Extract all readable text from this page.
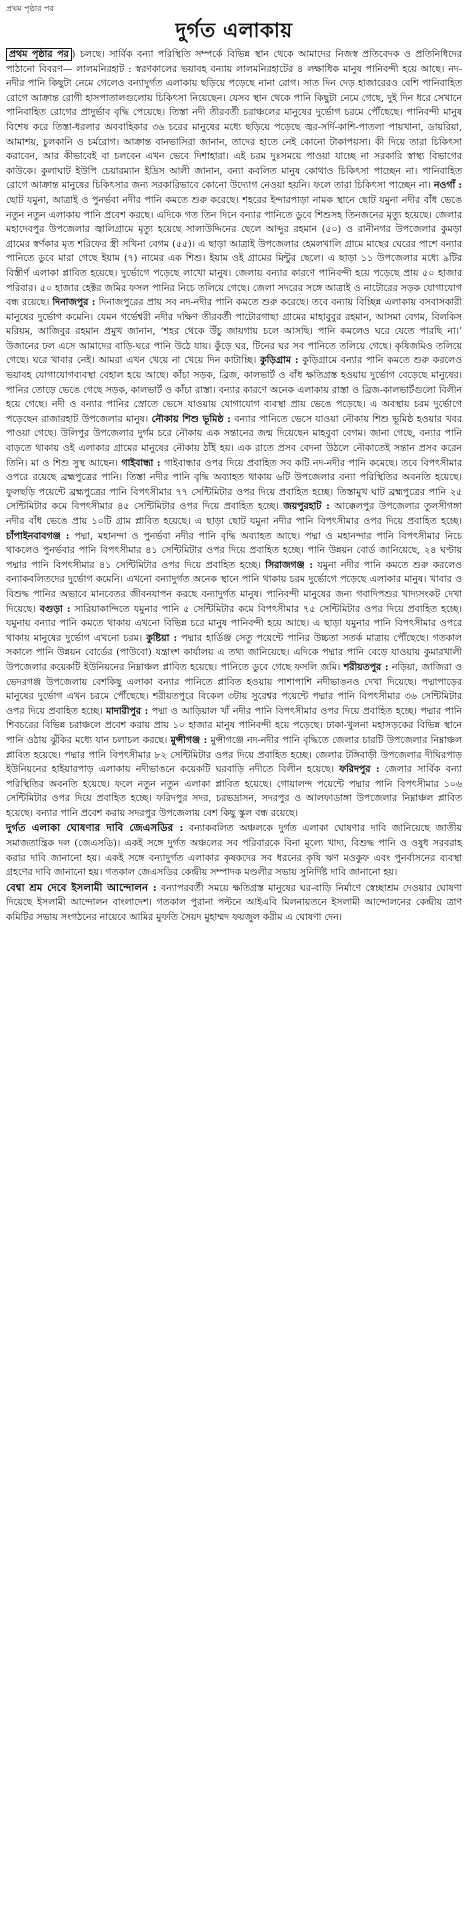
প্রথম পৃষ্ঠার পর
দুর্গত এলাকায়

প্রথম পৃষ্ঠার পর ) চলছে। সার্বিক বন্যা পরিস্থিতি সম্পর্কে বিভিন্ন স্থান থেকে আমাদের নিজস্ব প্রতিবেদক ও প্রতিনিধিদের পাঠানো বিবরণ— লালমনিরহাট : স্বরণকালের ভয়াবহ বন্যায় লালমনিরহাটের ৪ লক্ষাধিক মানুষ পানিবন্দী হয়ে আছে। নদ-নদীর পানি কিছুটা নেমে গেলেও বন্যাদুর্গত এলাকায় ছড়িয়ে পড়েছে নানা রোগ। সাত দিন দেড় হাজারেরও বেশি পানিবাহিত রোগে আক্রান্ত রোগী হাসপাতালগুলোয় চিকিৎসা নিয়েছেন। যেসব স্থান থেকে পানি কিছুটা নেমে গেছে, দুই দিন ধরে সেখানে পানিবাহিত রোগের প্রাদুর্ভাব বৃদ্ধি পেয়েছে। তিস্তা নদী তীরবর্তী চরাঞ্চলের মানুষের দুর্ভোগ চরমে পৌঁছেছে। পানিবন্দী মানুষ বিশেষ করে তিস্তা-ধরলার অববাহিকার ৩৬ চরের মানুষের মধ্যে ছড়িয়ে পড়েছে জ্বর-সর্দি-কাশি-পাতলা পায়খানা, ডায়রিয়া, আমাশয়, চুলকানি ও চর্মরোগ। আক্রান্ত বানভাসিরা জানান, তাদের হাতে নেই কোনো টাকাপয়সা। কী দিয়ে তারা চিকিৎসা করাবেন, আর কীভাবেই বা চলবেন এখন ভেবে দিশাহারা। এই চরম দুঃসময়ে পাওয়া যাচ্ছে না সরকারি স্বাস্থ্য বিভাগের কাউকে। কুলাঘাট ইউপি চেয়ারম্যান ইদ্রিস আলী জানান, বন্যা কবলিত মানুষ কোথাও চিকিৎসা পাচ্ছেন না। পানিবাহিত রোগে আক্রান্ত মানুষের চিকিৎসার জন্য সরকারিভাবে কোনো উদ্যোগ নেওয়া হয়নি। ফলে তারা চিকিৎসা পাচ্ছেন না। নওগাঁ : ছোট যমুনা, আত্রাই ও পুনর্ভবা নদীর পানি কমতে শুরু করেছে। শহরের ইন্দারপাড়া নামক স্থানে ছোট যমুনা নদীর বাঁধ ভেঙে নতুন নতুন এলাকায় পানি প্রবেশ করছে। এদিকে গত তিন দিনে বন্যার পানিতে ডুবে শিশুসহ তিনজনের মৃত্যু হয়েছে। জেলার মহাদেবপুর উপজেলার জ্বালিগ্রামে মৃত্যু হয়েছে সালাউদ্দিনের ছেলে আব্দুর রহমান (৫০) ও রানীনগর উপজেলার কুমড়া গ্রামের স্বর্ণকার মৃত শরিফের স্ত্রী সখিনা বেগম (৫৫)। এ ছাড়া আত্রাই উপজেলার হেমলখালি গ্রামে মাছের ঘেরের পাশে বন্যার পানিতে ডুবে মারা গেছে ইয়াম (৭) নামের এক শিশু। ইয়াম ওই গ্রামের মিন্টুর ছেলে। এ ছাড়া ১১ উপজেলার মধ্যে ৯টির বিস্তীর্ণ এলাকা প্লাবিত হয়েছে। দুর্ভোগে পড়েছে লাখো মানুষ। জেলায় বন্যার কারণে পানিবন্দী হয়ে পড়েছে প্রায় ৫০ হাজার পরিবার। ৫০ হাজার হেক্টর জমির ফসল পানির নিচে তলিয়ে গেছে। জেলা সদরের সঙ্গে আত্রাই ও নাটোরের সড়ক যোগাযোগ বন্ধ রয়েছে। দিনাজপুর : দিনাজপুরের প্রায় সব নদ-নদীর পানি কমতে শুরু করেছে। তবে বন্যায় বিচ্ছিন্ন এলাকায় বসবাসকারী মানুষের দুর্ভোগ কমেনি। যেমন গর্ভেশ্বরী নদীর দক্ষিণ তীরবর্তী পাটোরগাছা গ্রামের মাহাবুবুর রহমান, আসমা বেগম, বিলকিস মরিয়ম, আজিবুর রহমান প্রমুখ জানান, ‘শহর থেকে উঁচু জায়গায় চলে আসছি। পানি কমলেও ঘরে যেতে পারছি না।’ উজানের ঢল এসে আমাদের বাড়ি-ঘরে পানি উঠে যায়। কুঁড়ে ঘর, টিনের ঘর সব পানিতে তলিয়ে গেছে। কৃষিজমিও তলিয়ে গেছে। ঘরে খাবার নেই। আমরা এখন খেয়ে না খেয়ে দিন কাটাচ্ছি। কুড়িগ্রাম : কুড়িগ্রামে বন্যার পানি কমতে শুরু করলেও ভয়াবহ যোগাযোগব্যবস্থা বেহাল হয়ে আছে। কাঁচা সড়ক, ব্রিজ, কালভার্ট ও বাঁধ ক্ষতিগ্রস্ত হওয়ায় দুর্ভোগ বেড়েছে মানুষের। পানির তোড়ে ভেঙে গেছে সড়ক, কালভার্ট ও কাঁচা রাস্তা। বন্যার কারণে অনেক এলাকায় রাস্তা ও ব্রিজ-কালভার্টগুলো বিলীন হয়ে গেছে। নদী ও বন্যার পানির স্রোতে ভেসে যাওয়ায় যোগাযোগ ব্যবস্থা প্রায় ভেঙে পড়েছে। এ অবস্থায় চরম দুর্ভোগে পড়েছেন রাজারহাট উপজেলার মানুষ। নৌকায় শিশু ভূমিষ্ঠ : বন্যার পানিতে ভেসে যাওয়া নৌকায় শিশু ভূমিষ্ঠ হওয়ার খবর পাওয়া গেছে। উলিপুর উপজেলার দুর্গম চরে নৌকায় এক সন্তানের জন্ম দিয়েছেন মাহবুবা বেগম। জানা গেছে, বন্যার পানি বাড়তে থাকায় ওই এলাকার গ্রামের মানুষের নৌকায় ঠাঁই হয়। এক রাতে প্রসব বেদনা উঠলে নৌকাতেই সন্তান প্রসব করেন তিনি। মা ও শিশু সুস্থ আছেন। গাইবান্ধা : গাইবান্ধার ওপর দিয়ে প্রবাহিত সব কটি নদ-নদীর পানি কমেছে। তবে বিপৎসীমার ওপরে রয়েছে ব্রহ্মপুত্রের পানি। তিস্তা নদীর পানি বৃদ্ধি অব্যাহত থাকায় ৬টি উপজেলার বন্যা পরিস্থিতির অবনতি হয়েছে। ফুলছড়ি পয়েন্টে ব্রহ্মপুত্রের পানি বিপৎসীমার ৭৭ সেন্টিমিটার ওপর দিয়ে প্রবাহিত হচ্ছে। তিস্তামুখ ঘাট ব্রহ্মপুত্রের পানি ২৫ সেন্টিমিটার কমে বিপৎসীমার ৪৫ সেন্টিমিটার ওপর দিয়ে প্রবাহিত হচ্ছে। জয়পুরহাট : আক্কেলপুর উপজেলার তুলসীগঙ্গা নদীর বাঁধ ভেঙে প্রায় ১০টি গ্রাম প্লাবিত হয়েছে। এ ছাড়া ছোট যমুনা নদীর পানি বিপৎসীমার ওপর দিয়ে প্রবাহিত হচ্ছে। চাঁপাইনবাবগঞ্জ : পদ্মা, মহানন্দা ও পুনর্ভবা নদীর পানি বৃদ্ধি অব্যাহত আছে। পদ্মা ও মহানন্দার পানি বিপৎসীমার নিচে থাকলেও পুনর্ভবার পানি বিপৎসীমার ৪১ সেন্টিমিটার ওপর দিয়ে প্রবাহিত হচ্ছে। পানি উন্নয়ন বোর্ড জানিয়েছে, ২৪ ঘণ্টায় পদ্মার পানি বিপৎসীমার ৪১ সেন্টিমিটার ওপর দিয়ে প্রবাহিত হচ্ছে। সিরাজগঞ্জ : যমুনা নদীর পানি কমতে শুরু করলেও বন্যাকবলিতদের দুর্ভোগ কমেনি। এখনো বন্যাদুর্গত অনেক স্থানে পানি থাকায় চরম দুর্ভোগে পড়েছে এলাকার মানুষ। খাবার ও বিশুদ্ধ পানির অভাবে মানবেতর জীবনযাপন করছে বন্যাদুর্গত মানুষ। পানিবন্দী মানুষের জন্য গবাদিপশুর খাদ্যসংকট দেখা দিয়েছে। বগুড়া : সারিয়াকান্দিতে যমুনার পানি ৫ সেন্টিমিটার কমে বিপৎসীমার ৭৫ সেন্টিমিটার ওপর দিয়ে প্রবাহিত হচ্ছে। যমুনায় বন্যার পানি কমতে থাকায় এখনো বিভিন্ন চরে মানুষ পানিবন্দী হয়ে আছে। এ ছাড়া যমুনার পানি বিপৎসীমার ওপরে থাকায় মানুষের দুর্ভোগ এখনো চরম। কুষ্টিয়া : পদ্মার হার্ডিঞ্জ সেতু পয়েন্টে পানির উচ্চতা সতর্ক মাত্রায় পৌঁছেছে। গতকাল সকালে পানি উন্নয়ন বোর্ডের (পাউবো) যন্ত্রাংশ কার্যালয় এ তথ্য জানিয়েছে। এদিকে পদ্মার পানি বেড়ে যাওয়ায় কুমারখালী উপজেলার কয়েকটি ইউনিয়নের নিম্নাঞ্চল প্লাবিত হয়েছে। পানিতে ডুবে গেছে ফসলি জমি। শরীয়তপুর : নড়িয়া, জাজিরা ও ভেদরগঞ্জ উপজেলায় বেশকিছু এলাকা বন্যার পানিতে প্লাবিত হওয়ায় পাশাপাশি নদীভাঙনও দেখা দিয়েছে। পদ্মাপাড়ের মানুষের দুর্ভোগ এখন চরমে পৌঁছেছে। শরীয়তপুরে বিকেল ৩টায় সুরেশ্বর পয়েন্টে পদ্মার পানি বিপৎসীমার ৩৬ সেন্টিমিটার ওপর দিয়ে প্রবাহিত হচ্ছে। মাদারীপুর : পদ্মা ও আড়িয়াল খাঁ নদীর পানি বিপৎসীমার ওপর দিয়ে প্রবাহিত হচ্ছে। পদ্মার পানি শিবচরের বিভিন্ন চরাঞ্চলে প্রবেশ করায় প্রায় ১০ হাজার মানুষ পানিবন্দী হয়ে পড়েছে। ঢাকা-খুলনা মহাসড়কের বিভিন্ন স্থানে পানি ওঠায় ঝুঁকির মধ্যে যান চলাচল করছে। মুন্সীগঞ্জ : মুন্সীগঞ্জে নদ-নদীর পানি বৃদ্ধিতে জেলার চারটি উপজেলার নিম্নাঞ্চল প্লাবিত হয়েছে। পদ্মার পানি বিপৎসীমার ৮২ সেন্টিমিটার ওপর দিয়ে প্রবাহিত হচ্ছে। জেলার টঙ্গিবাড়ী উপজেলার দীঘিরপাড় ইউনিয়নের হাইয়ারপাড় এলাকায় নদীভাঙনে কয়েকটি ঘরবাড়ি নদীতে বিলীন হয়েছে। ফরিদপুর : জেলার সার্বিক বন্যা পরিস্থিতির অবনতি হয়েছে। ফলে নতুন নতুন এলাকা প্লাবিত হয়েছে। গোয়ালন্দ পয়েন্টে পদ্মার পানি বিপৎসীমার ১০৬ সেন্টিমিটার ওপর দিয়ে প্রবাহিত হচ্ছে। ফরিদপুর সদর, চরভদ্রাসন, সদরপুর ও আলফাডাঙ্গা উপজেলার নিম্নাঞ্চল প্লাবিত হয়েছে। বন্যার পানি প্রবেশ করায় সদরপুর উপজেলায় বেশ কিছু স্কুল বন্ধ রয়েছে।

দুর্গত এলাকা ঘোষণার দাবি জেএসডির : বন্যাকবলিত অঞ্চলকে দুর্গত এলাকা ঘোষণার দাবি জানিয়েছে জাতীয় সমাজতান্ত্রিক দল (জেএসডি)। একই সঙ্গে দুর্গত অঞ্চলের সব পরিবারকে বিনা মূল্যে খাদ্য, বিশুদ্ধ পানি ও ওষুধ সরবরাহ করার দাবি জানানো হয়। একই সঙ্গে বন্যাদুর্গত এলাকার কৃষকদের সব ধরনের কৃষি ঋণ মওকুফ এবং পুনর্বাসনের ব্যবস্থা গ্রহণের দাবি জানানো হয়। গতকাল জেএসডির কেন্দ্রীয় সম্পাদক মণ্ডলীর সভায় সুনির্দিষ্ট দাবি জানানো হয়।

বেশ্বা শ্রম দেবে ইসলামী আন্দোলন : বন্যাপরবর্তী সময়ে ক্ষতিগ্রস্ত মানুষের ঘর-বাড়ি নির্মাণে স্বেচ্ছাশ্রম দেওয়ার ঘোষণা দিয়েছে ইসলামী আন্দোলন বাংলাদেশ। গতকাল পুরানা পল্টনে আইএবি মিলনায়তনে ইসলামী আন্দোলনের কেন্দ্রীয় ত্রাণ কমিটির সভায় সংগঠনের নায়েবে আমির মুফতি সৈয়দ মুহাম্মদ ফয়জুল করীম এ ঘোষণা দেন।
